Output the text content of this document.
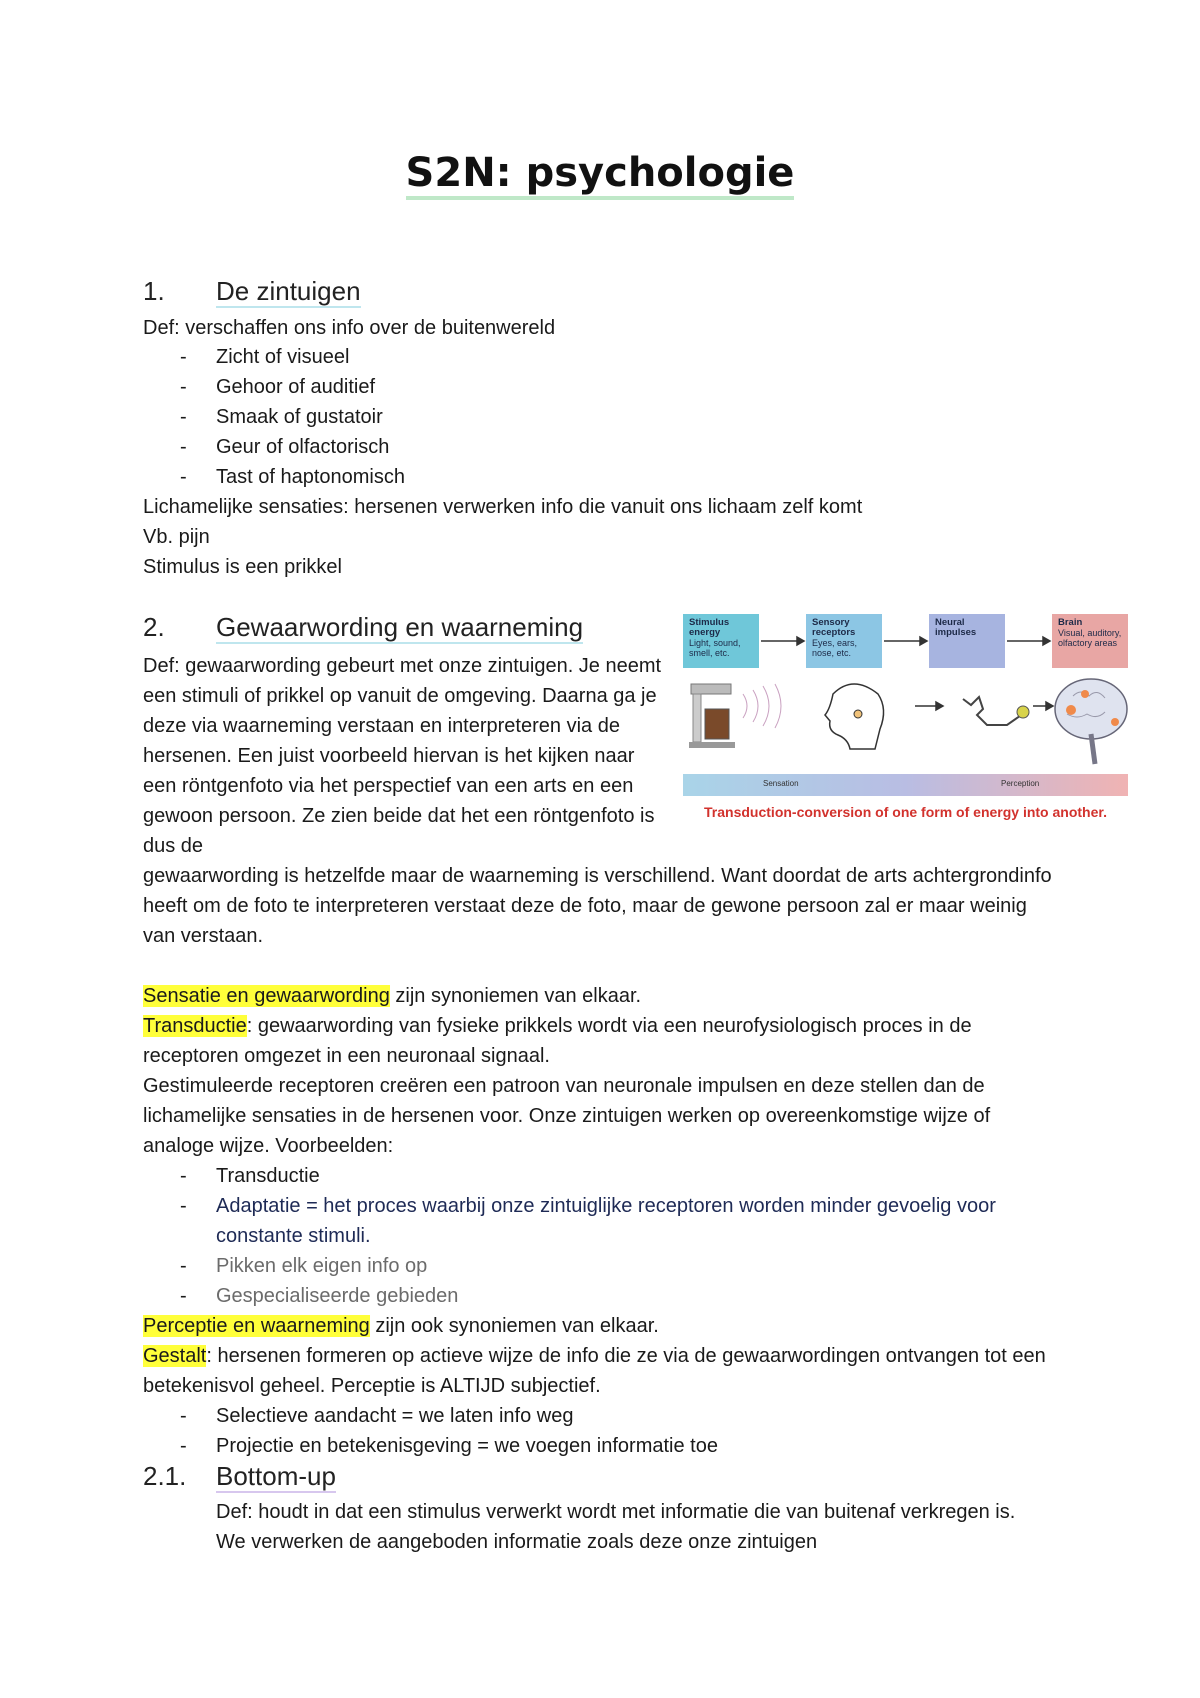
S2N: psychologie
1. De zintuigen
Def: verschaffen ons info over de buitenwereld
- Zicht of visueel
- Gehoor of auditief
- Smaak of gustatoir
- Geur of olfactorisch
- Tast of haptonomisch
Lichamelijke sensaties: hersenen verwerken info die vanuit ons lichaam zelf komt
Vb. pijn
Stimulus is een prikkel
2. Gewaarwording en waarneming
Def: gewaarwording gebeurt met onze zintuigen. Je neemt een stimuli of prikkel op vanuit de omgeving. Daarna ga je deze via waarneming verstaan en interpreteren via de hersenen. Een juist voorbeeld hiervan is het kijken naar een röntgenfoto via het perspectief van een arts en een gewoon persoon. Ze zien beide dat het een röntgenfoto is dus de
gewaarwording is hetzelfde maar de waarneming is verschillend. Want doordat de arts achtergrondinfo heeft om de foto te interpreteren verstaat deze de foto, maar de gewone persoon zal er maar weinig van verstaan.
Stimulus energy
Light, sound, smell, etc.
Sensory receptors
Eyes, ears, nose, etc.
Neural impulses
Brain
Visual, auditory, olfactory areas
Sensation	Perception
Transduction-conversion of one form of energy into another.
Sensatie en gewaarwording zijn synoniemen van elkaar.
Transductie: gewaarwording van fysieke prikkels wordt via een neurofysiologisch proces in de receptoren omgezet in een neuronaal signaal.
Gestimuleerde receptoren creëren een patroon van neuronale impulsen en deze stellen dan de lichamelijke sensaties in de hersenen voor. Onze zintuigen werken op overeenkomstige wijze of analoge wijze. Voorbeelden:
- Transductie
- Adaptatie = het proces waarbij onze zintuiglijke receptoren worden minder gevoelig voor constante stimuli.
- Pikken elk eigen info op
- Gespecialiseerde gebieden
Perceptie en waarneming zijn ook synoniemen van elkaar.
Gestalt: hersenen formeren op actieve wijze de info die ze via de gewaarwordingen ontvangen tot een betekenisvol geheel. Perceptie is ALTIJD subjectief.
- Selectieve aandacht = we laten info weg
- Projectie en betekenisgeving = we voegen informatie toe
2.1. Bottom-up
Def: houdt in dat een stimulus verwerkt wordt met informatie die van buitenaf verkregen is. We verwerken de aangeboden informatie zoals deze onze zintuigen
